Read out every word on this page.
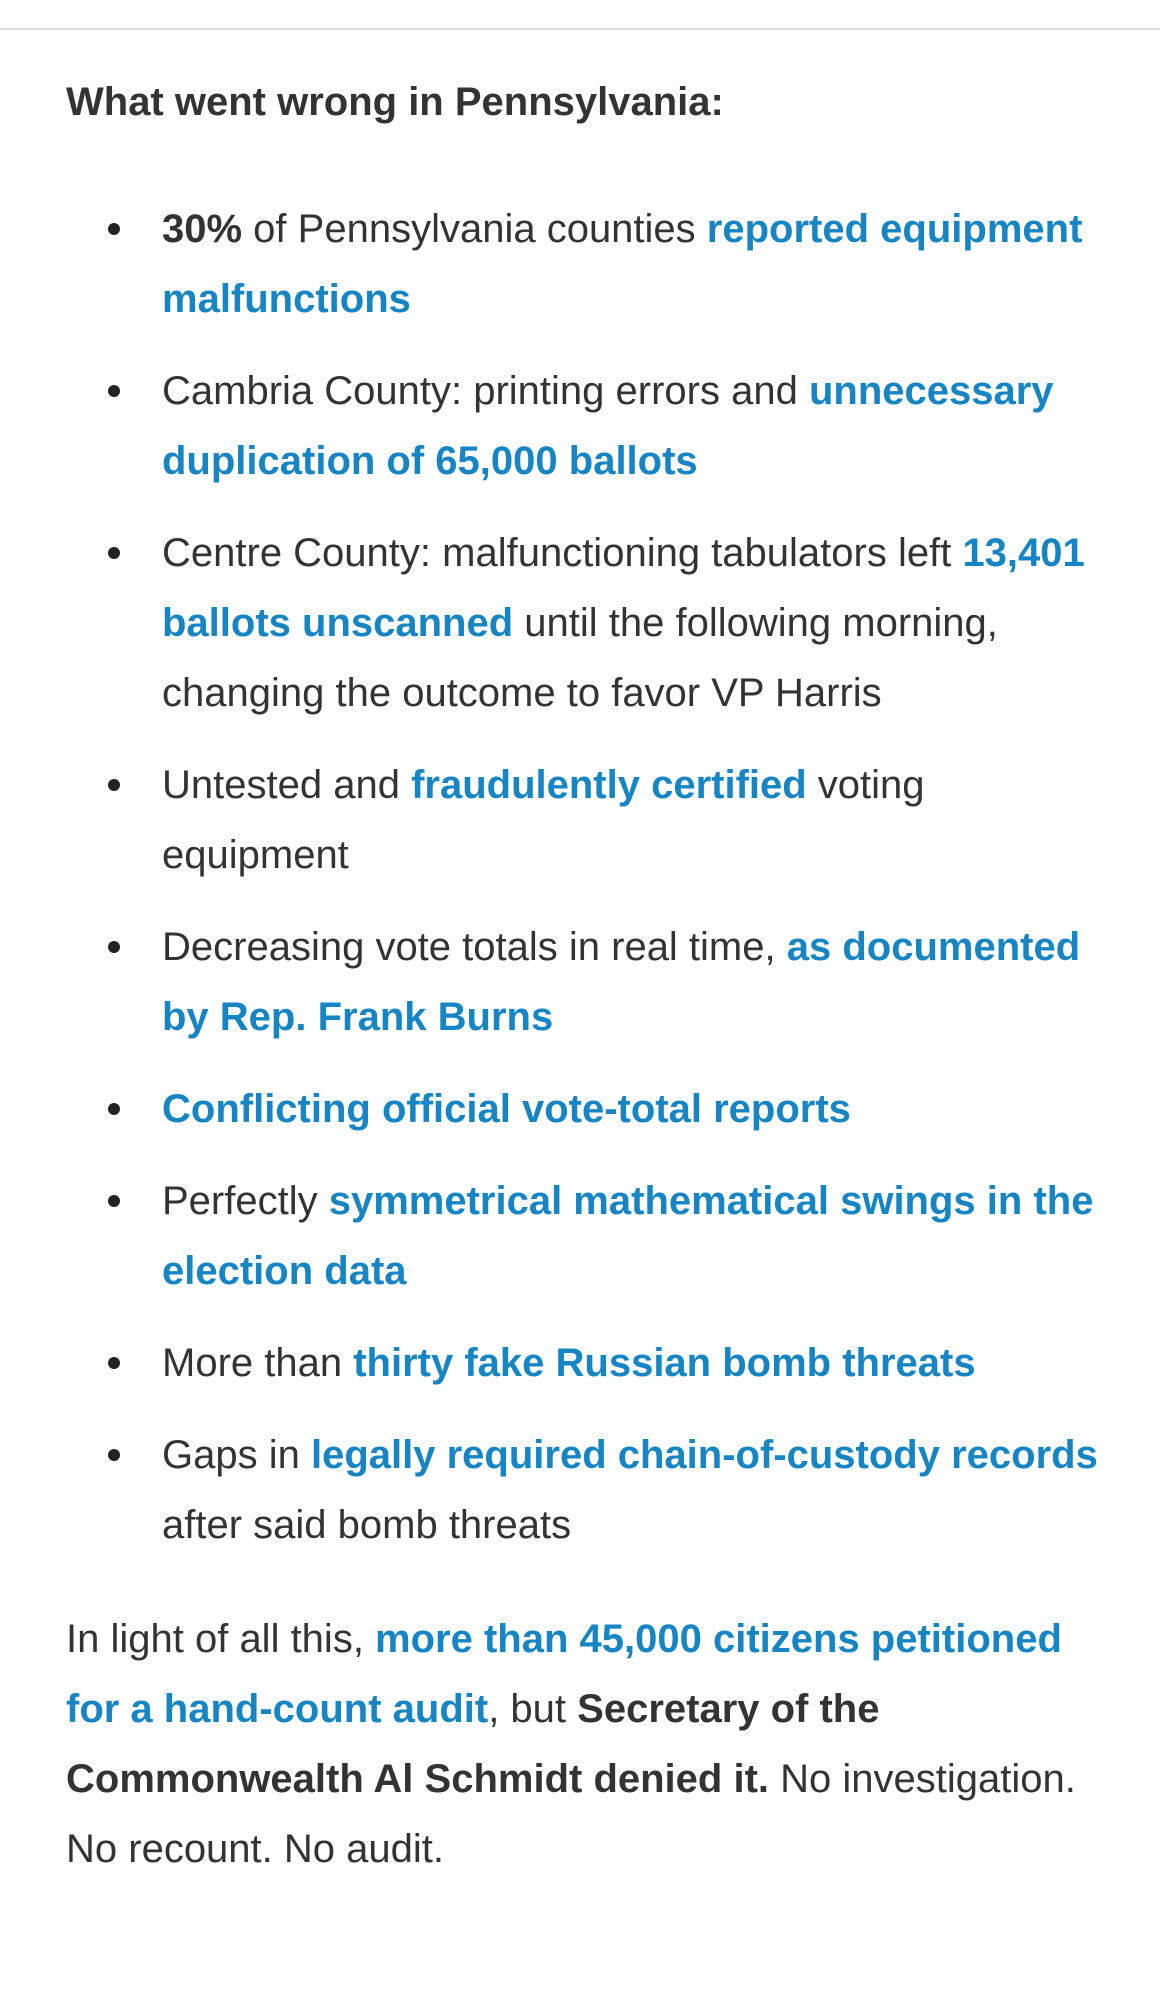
What went wrong in Pennsylvania:
30% of Pennsylvania counties reported equipment malfunctions
Cambria County: printing errors and unnecessary duplication of 65,000 ballots
Centre County: malfunctioning tabulators left 13,401 ballots unscanned until the following morning, changing the outcome to favor VP Harris
Untested and fraudulently certified voting equipment
Decreasing vote totals in real time, as documented by Rep. Frank Burns
Conflicting official vote-total reports
Perfectly symmetrical mathematical swings in the election data
More than thirty fake Russian bomb threats
Gaps in legally required chain-of-custody records after said bomb threats

In light of all this, more than 45,000 citizens petitioned for a hand-count audit, but Secretary of the Commonwealth Al Schmidt denied it. No investigation. No recount. No audit.
